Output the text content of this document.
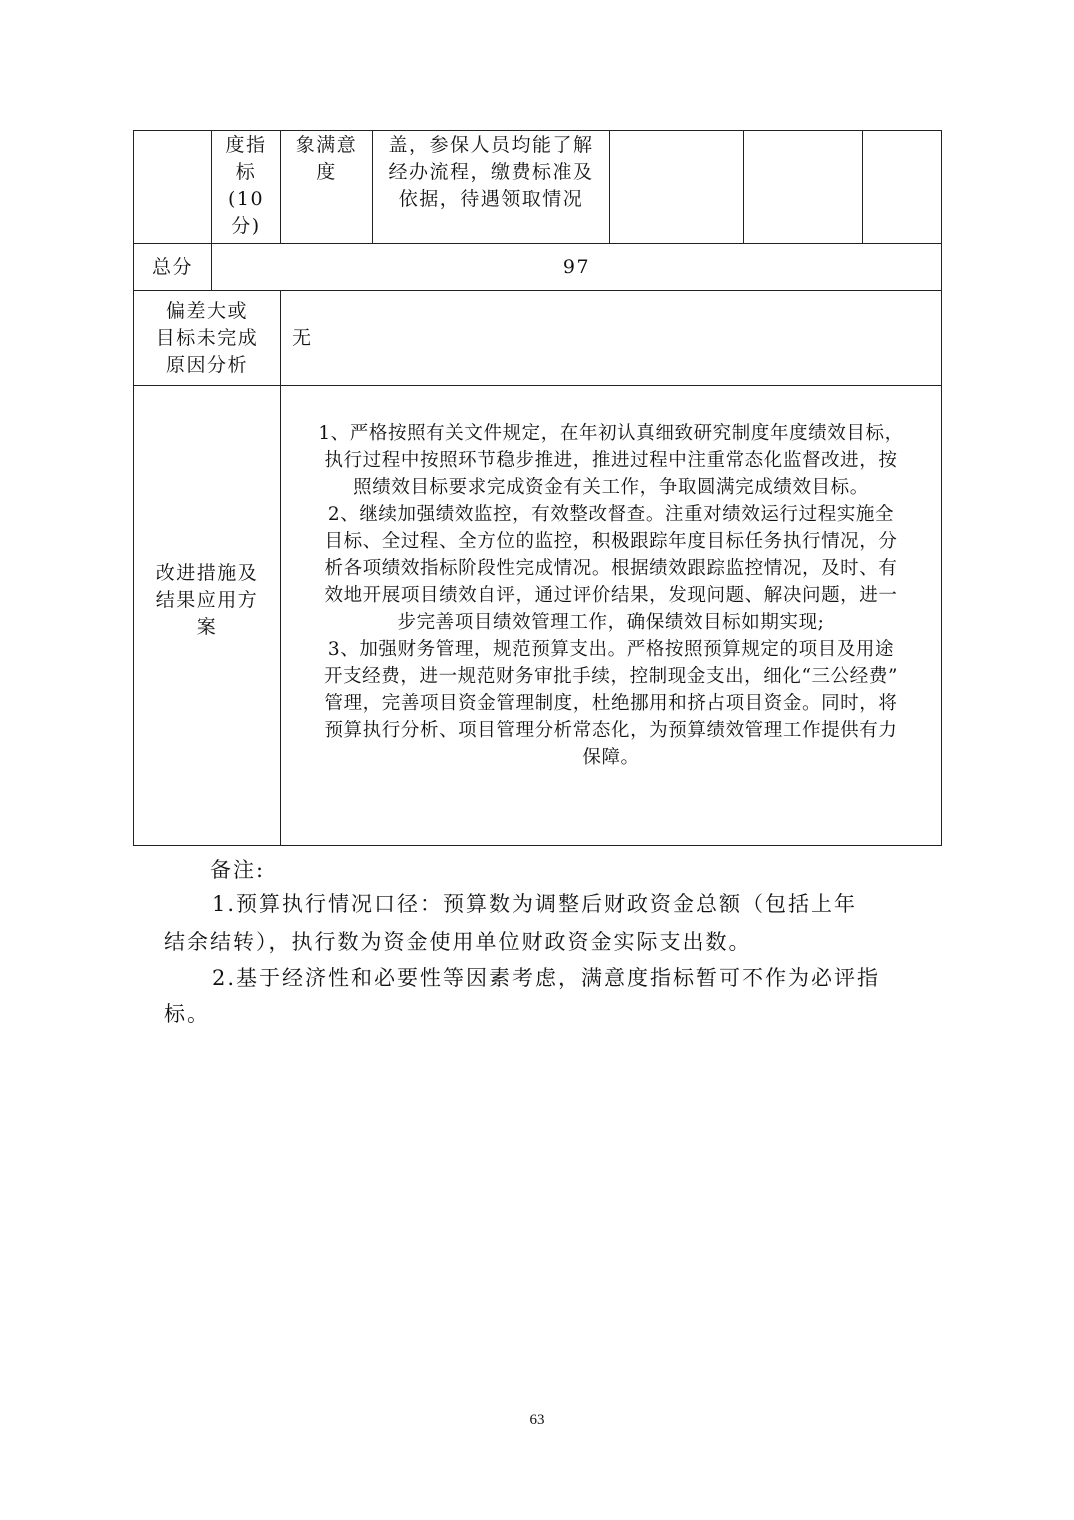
度指
标
(10
分)
象满意
度
盖，参保人员均能了解
经办流程，缴费标准及
依据，待遇领取情况
总分	97
偏差大或
目标未完成
原因分析
无
改进措施及
结果应用方
案
1、严格按照有关文件规定，在年初认真细致研究制度年度绩效目标，
执行过程中按照环节稳步推进，推进过程中注重常态化监督改进，按
照绩效目标要求完成资金有关工作，争取圆满完成绩效目标。
2、继续加强绩效监控，有效整改督查。注重对绩效运行过程实施全
目标、全过程、全方位的监控，积极跟踪年度目标任务执行情况，分
析各项绩效指标阶段性完成情况。根据绩效跟踪监控情况，及时、有
效地开展项目绩效自评，通过评价结果，发现问题、解决问题，进一
步完善项目绩效管理工作，确保绩效目标如期实现;
3、加强财务管理，规范预算支出。严格按照预算规定的项目及用途
开支经费，进一规范财务审批手续，控制现金支出，细化“三公经费”
管理，完善项目资金管理制度，杜绝挪用和挤占项目资金。同时，将
预算执行分析、项目管理分析常态化，为预算绩效管理工作提供有力
保障。
备注:
1.预算执行情况口径：预算数为调整后财政资金总额（包括上年
结余结转），执行数为资金使用单位财政资金实际支出数。
2.基于经济性和必要性等因素考虑，满意度指标暂可不作为必评指
标。
63
